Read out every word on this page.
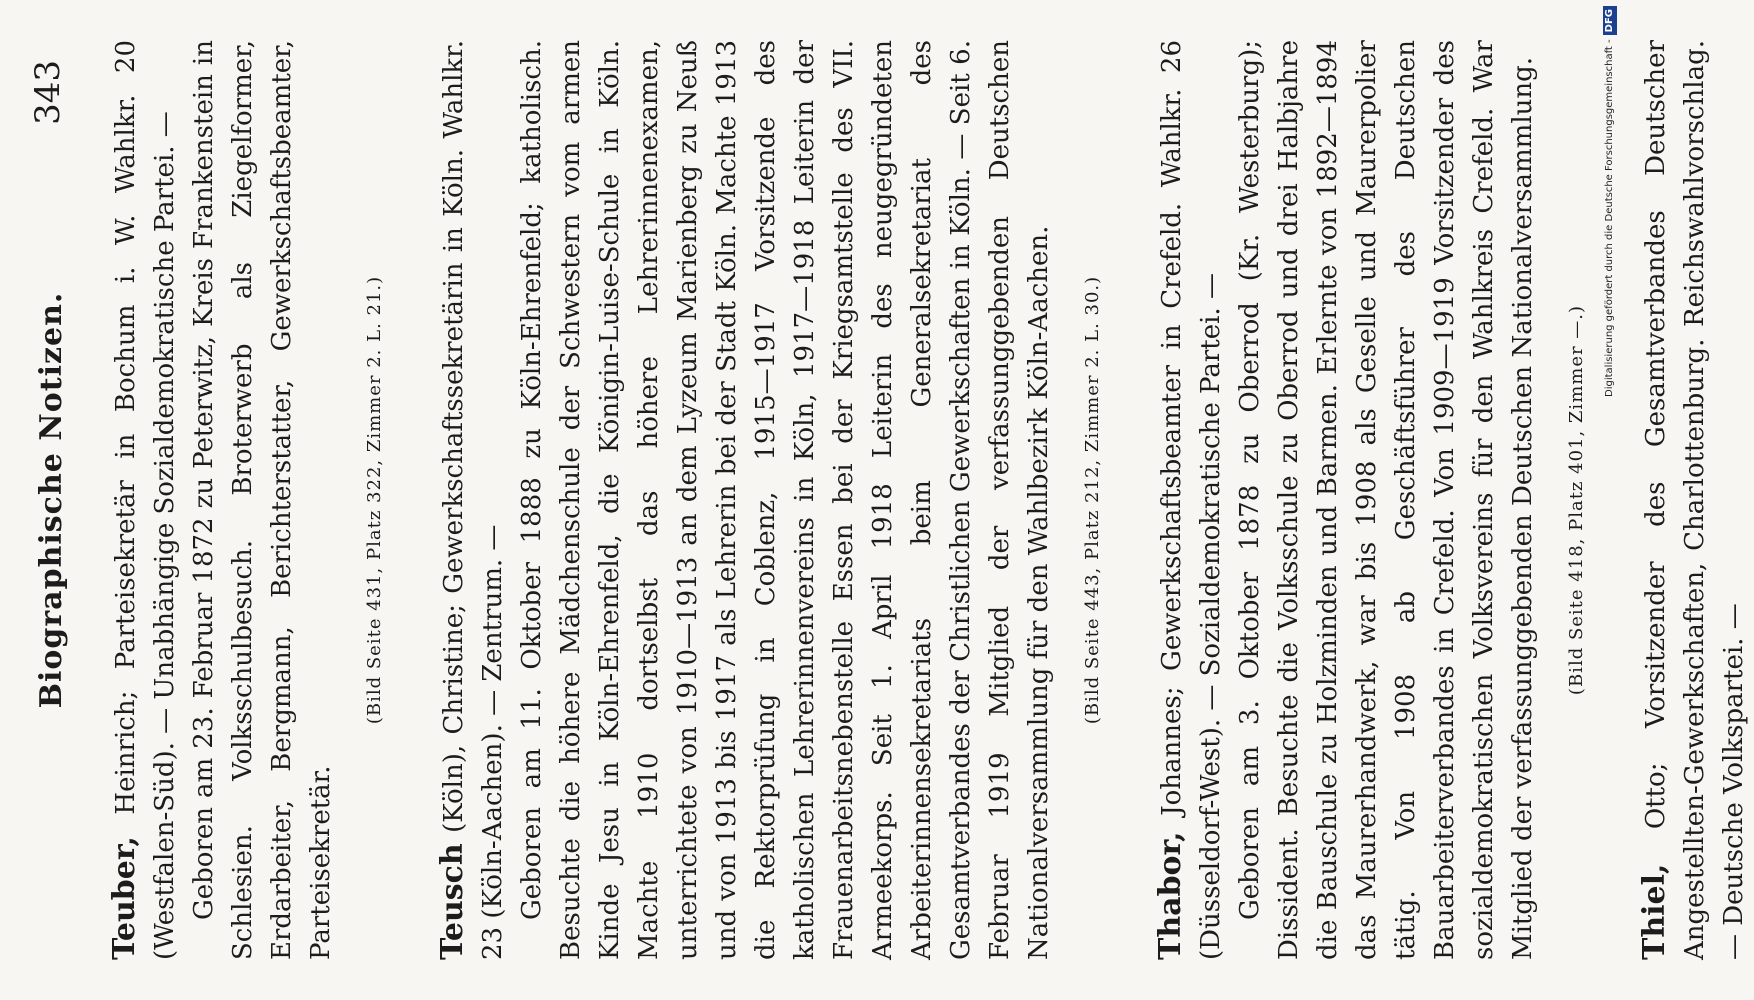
Biographische Notizen.
343

Teuber, Heinrich; Parteisekretär in Bochum i. W. Wahlkr. 20 (Westfalen-Süd). — Unabhängige Sozialdemokratische Partei. — Geboren am 23. Februar 1872 zu Peterwitz, Kreis Frankenstein in Schlesien. Volksschulbesuch. Broterwerb als Ziegelformer, Erdarbeiter, Bergmann, Berichterstatter, Gewerkschaftsbeamter, Parteisekretär.

(Bild Seite 431, Platz 322, Zimmer 2. L. 21.)

Teusch (Köln), Christine; Gewerkschaftssekretärin in Köln. Wahlkr. 23 (Köln-Aachen). — Zentrum. — Geboren am 11. Oktober 1888 zu Köln-Ehrenfeld; katholisch. Besuchte die höhere Mädchenschule der Schwestern vom armen Kinde Jesu in Köln-Ehrenfeld, die Königin-Luise-Schule in Köln. Machte 1910 dortselbst das höhere Lehrerinnenexamen, unterrichtete von 1910—1913 an dem Lyzeum Marienberg zu Neuß und von 1913 bis 1917 als Lehrerin bei der Stadt Köln. Machte 1913 die Rektorprüfung in Coblenz, 1915—1917 Vorsitzende des katholischen Lehrerinnenvereins in Köln, 1917—1918 Leiterin der Frauenarbeitsnebenstelle Essen bei der Kriegsamtstelle des VII. Armeekorps. Seit 1. April 1918 Leiterin des neugegründeten Arbeiterinnensekretariats beim Generalsekretariat des Gesamtverbandes der Christlichen Gewerkschaften in Köln. — Seit 6. Februar 1919 Mitglied der verfassunggebenden Deutschen Nationalversammlung für den Wahlbezirk Köln-Aachen. (Bild Seite 443, Platz 212, Zimmer 2. L. 30.)

Thabor, Johannes; Gewerkschaftsbeamter in Crefeld. Wahlkr. 26 (Düsseldorf-West). — Sozialdemokratische Partei. — Geboren am 3. Oktober 1878 zu Oberrod (Kr. Westerburg); Dissident. Besuchte die Volksschule zu Oberrod und drei Halbjahre die Bauschule zu Holzminden und Barmen. Erlernte von 1892—1894 das Maurerhandwerk, war bis 1908 als Geselle und Maurerpolier tätig. Von 1908 ab Geschäftsführer des Deutschen Bauarbeiterverbandes in Crefeld. Von 1909—1919 Vorsitzender des sozialdemokratischen Volksvereins für den Wahlkreis Crefeld. War Mitglied der verfassunggebenden Deutschen Nationalversammlung. (Bild Seite 418, Platz 401, Zimmer —.)

Thiel, Otto; Vorsitzender des Gesamtverbandes Deutscher Angestellten-Gewerkschaften, Charlottenburg. Reichswahlvorschlag. — Deutsche Volkspartei. —

Digitalisierung gefördert durch die Deutsche Forschungsgemeinschaft -DFG
